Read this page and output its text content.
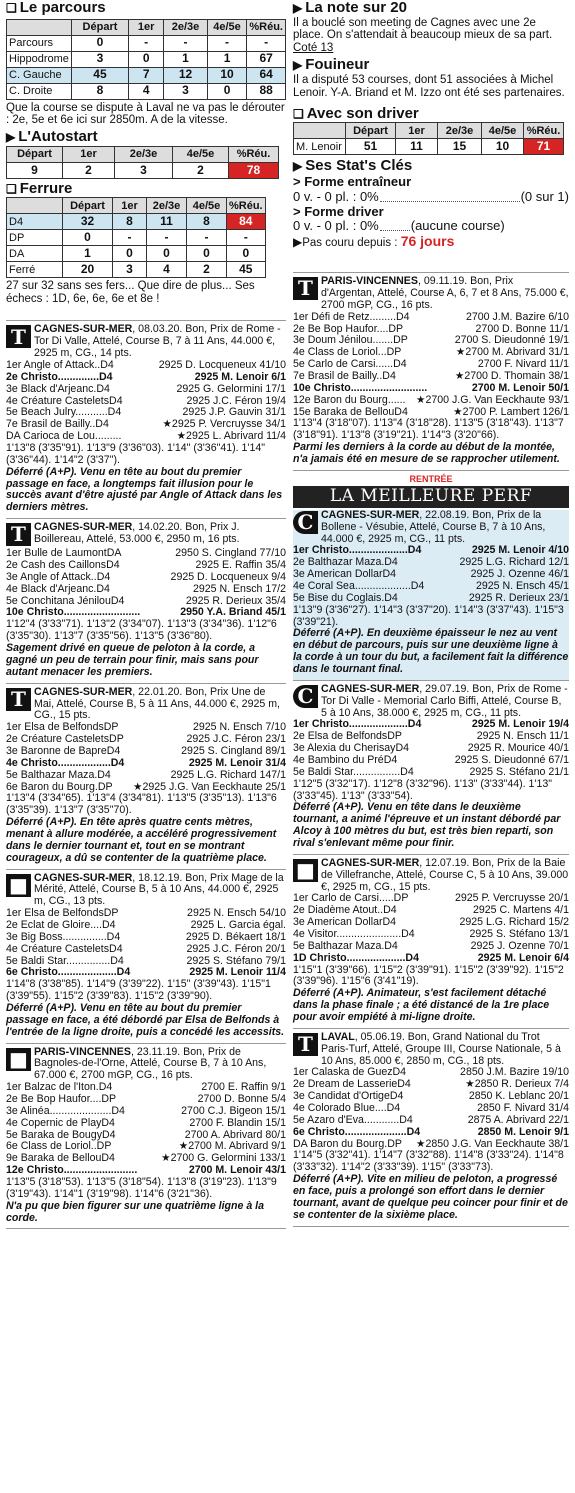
❑ Le parcours
	Départ	1er	2e/3e	4e/5e	%Réu.
Parcours	0	-	-	-	-
Hippodrome	3	0	1	1	67
C. Gauche	45	7	12	10	64
C. Droite	8	4	3	0	88
Que la course se dispute à Laval ne va pas le dérouter : 2e, 5e et 6e ici sur 2850m. A de la vitesse.
▶ L'Autostart
Départ	1er	2e/3e	4e/5e	%Réu.
9	2	3	2	78
❑ Ferrure
	Départ	1er	2e/3e	4e/5e	%Réu.
D4	32	8	11	8	84
DP	0	-	-	-	-
DA	1	0	0	0	0
Ferré	20	3	4	2	45
27 sur 32 sans ses fers... Que dire de plus... Ses échecs : 1D, 6e, 6e, 6e et 8e !
T CAGNES-SUR-MER, 08.03.20. Bon, Prix de Rome - Tor Di Valle, Attelé, Course B, 7 à 11 Ans, 44.000 €, 2925 m, CG., 14 pts.
1er Angle of Attack..D4	2925 D. Locqueneux 41/10
2e Christo..............D4	2925 M. Lenoir 6/1
3e Black d'Arjeanc.D4	2925 G. Gelormini 17/1
4e Créature CasteletsD4	2925 J.C. Féron 19/4
5e Beach Julry...........D4	2925 J.P. Gauvin 31/1
7e Brasil de Bailly..D4	★2925 P. Vercruysse 34/1
DA Carioca de Lou.........	★2925 L. Abrivard 11/4
1'13"8 (3'35"91). 1'13"9 (3'36"03). 1'14" (3'36"41). 1'14" (3'36"44). 1'14"2 (3'37").
Déferré (A+P). Venu en tête au bout du premier passage en face, a longtemps fait illusion pour le succès avant d'être ajusté par Angle of Attack dans les derniers mètres.
T CAGNES-SUR-MER, 14.02.20. Bon, Prix J. Boillereau, Attelé, 53.000 €, 2950 m, 16 pts.
1er Bulle de LaumontDA	2950 S. Cingland 77/10
2e Cash des CaillonsD4	2925 E. Raffin 35/4
3e Angle of Attack..D4	2925 D. Locqueneux 9/4
4e Black d'Arjeanc.D4	2925 N. Ensch 17/2
5e Conchitana JénilouD4	2925 R. Derieux 35/4
10e Christo..........................	2950 Y.A. Briand 45/1
1'12"4 (3'33"71). 1'13"2 (3'34"07). 1'13"3 (3'34"36). 1'12"6 (3'35"30). 1'13"7 (3'35"56). 1'13"5 (3'36"80).
Sagement drivé en queue de peloton à la corde, a gagné un peu de terrain pour finir, mais sans pour autant menacer les premiers.
T CAGNES-SUR-MER, 22.01.20. Bon, Prix Une de Mai, Attelé, Course B, 5 à 11 Ans, 44.000 €, 2925 m, CG., 15 pts.
1er Elsa de BelfondsDP	2925 N. Ensch 7/10
2e Créature CasteletsDP	2925 J.C. Féron 23/1
3e Baronne de BapreD4	2925 S. Cingland 89/1
4e Christo..................D4	2925 M. Lenoir 31/4
5e Balthazar Maza.D4	2925 L.G. Richard 147/1
6e Baron du Bourg.DP ★2925 J.G. Van Eeckhaute 25/1
1'13"4 (3'34"65). 1'13"4 (3'34"81). 1'13"5 (3'35"13). 1'13"6 (3'35"39). 1'13"7 (3'35"70).
Déferré (A+P). En tête après quatre cents mètres, menant à allure modérée, a accéléré progressivement dans le dernier tournant et, tout en se montrant courageux, a dû se contenter de la quatrième place.
■ CAGNES-SUR-MER, 18.12.19. Bon, Prix Mage de la Mérité, Attelé, Course B, 5 à 10 Ans, 44.000 €, 2925 m, CG., 13 pts.
1er Elsa de BelfondsDP	2925 N. Ensch 54/10
2e Eclat de Gloire....D4	2925 L. Garcia égal.
3e Big Boss...............D4	2925 D. Békaert 18/1
4e Créature CasteletsD4	2925 J.C. Féron 20/1
5e Baldi Star...............D4	2925 S. Stéfano 79/1
6e Christo....................D4	2925 M. Lenoir 11/4
1'14"8 (3'38"85). 1'14"9 (3'39"22). 1'15" (3'39"43). 1'15"1 (3'39"55). 1'15"2 (3'39"83). 1'15"2 (3'39"90).
Déferré (A+P). Venu en tête au bout du premier passage en face, a été débordé par Elsa de Belfonds à l'entrée de la ligne droite, puis a concédé les accessits.
■ PARIS-VINCENNES, 23.11.19. Bon, Prix de Bagnoles-de-l'Orne, Attelé, Course B, 7 à 10 Ans, 67.000 €, 2700 mGP, CG., 16 pts.
1er Balzac de l'Iton.D4	2700 E. Raffin 9/1
2e Be Bop Haufor....DP	2700 D. Bonne 5/4
3e Alinéa.....................D4	2700 C.J. Bigeon 15/1
4e Copernic de PlayD4	2700 F. Blandin 15/1
5e Baraka de BougyD4	2700 A. Abrivard 80/1
6e Class de Loriol..DP	★2700 M. Abrivard 9/1
9e Baraka de BellouD4	★2700 G. Gelormini 133/1
12e Christo.........................	2700 M. Lenoir 43/1
1'13"5 (3'18"53). 1'13"5 (3'18"54). 1'13"8 (3'19"23). 1'13"9 (3'19"43). 1'14"1 (3'19"98). 1'14"6 (3'21"36).
N'a pu que bien figurer sur une quatrième ligne à la corde.
▶ La note sur 20
Il a bouclé son meeting de Cagnes avec une 2e place. On s'attendait à beaucoup mieux de sa part. Coté 13
▶ Fouineur
Il a disputé 53 courses, dont 51 associées à Michel Lenoir. Y-A. Briand et M. Izzo ont été ses partenaires.
❑ Avec son driver
	Départ	1er	2e/3e	4e/5e	%Réu.
M. Lenoir	51	11	15	10	71
▶ Ses Stat's Clés
> Forme entraîneur
0 v. - 0 pl. : 0%	(0 sur 1)
> Forme driver
0 v. - 0 pl. : 0% (aucune course)
▶Pas couru depuis : 76 jours
T PARIS-VINCENNES, 09.11.19. Bon, Prix d'Argentan, Attelé, Course A, 6, 7 et 8 Ans, 75.000 €, 2700 mGP, CG., 16 pts.
1er Défi de Retz.........D4	2700 J.M. Bazire 6/10
2e Be Bop Haufor....DP	2700 D. Bonne 11/1
3e Doum Jénilou.......DP	2700 S. Dieudonné 19/1
4e Class de Loriol...DP	★2700 M. Abrivard 31/1
5e Carlo de Carsi......D4	2700 F. Nivard 11/1
7e Brasil de Bailly..D4	★2700 D. Thomain 38/1
10e Christo..........................	2700 M. Lenoir 50/1
12e Baron du Bourg...... ★2700 J.G. Van Eeckhaute 93/1
15e Baraka de BellouD4	★2700 P. Lambert 126/1
1'13"4 (3'18"07). 1'13"4 (3'18"28). 1'13"5 (3'18"43). 1'13"7 (3'18"91). 1'13"8 (3'19"21). 1'14"3 (3'20"66).
Parmi les derniers à la corde au début de la montée, n'a jamais été en mesure de se rapprocher utilement.
RENTRÉE
LA MEILLEURE PERF
C CAGNES-SUR-MER, 22.08.19. Bon, Prix de la Bollene - Vésubie, Attelé, Course B, 7 à 10 Ans, 44.000 €, 2925 m, CG., 11 pts.
1er Christo....................D4	2925 M. Lenoir 4/10
2e Balthazar Maza.D4	2925 L.G. Richard 12/1
3e American DollarD4	2925 J. Ozenne 46/1
4e Coral Sea...................D4	2925 N. Ensch 45/1
5e Bise du Coglais.D4	2925 R. Derieux 23/1
1'13"9 (3'36"27). 1'14"3 (3'37"20). 1'14"3 (3'37"43). 1'15"3 (3'39"21).
Déferré (A+P). En deuxième épaisseur le nez au vent en début de parcours, puis sur une deuxième ligne à la corde à un tour du but, a facilement fait la différence dans le tournant final.
C CAGNES-SUR-MER, 29.07.19. Bon, Prix de Rome - Tor Di Valle - Memorial Carlo Biffi, Attelé, Course B, 5 à 10 Ans, 38.000 €, 2925 m, CG., 11 pts.
1er Christo....................D4	2925 M. Lenoir 19/4
2e Elsa de BelfondsDP	2925 N. Ensch 11/1
3e Alexia du CherisayD4	2925 R. Mourice 40/1
4e Bambino du PréD4	2925 S. Dieudonné 67/1
5e Baldi Star................D4	2925 S. Stéfano 21/1
1'12"5 (3'32"17). 1'12"8 (3'32"96). 1'13" (3'33"44). 1'13" (3'33"45). 1'13" (3'33"54).
Déferré (A+P). Venu en tête dans le deuxième tournant, a animé l'épreuve et un instant débordé par Alcoy à 100 mètres du but, est très bien reparti, son rival s'enlevant même pour finir.
■ CAGNES-SUR-MER, 12.07.19. Bon, Prix de la Baie de Villefranche, Attelé, Course C, 5 à 10 Ans, 39.000 €, 2925 m, CG., 15 pts.
1er Carlo de Carsi.....DP	2925 P. Vercruysse 20/1
2e Diadème Atout..D4	2925 C. Martens 4/1
3e American DollarD4	2925 L.G. Richard 15/2
4e Visitor......................D4	2925 S. Stéfano 13/1
5e Balthazar Maza.D4	2925 J. Ozenne 70/1
1D Christo....................D4	2925 M. Lenoir 6/4
1'15"1 (3'39"66). 1'15"2 (3'39"91). 1'15"2 (3'39"92). 1'15"2 (3'39"96). 1'15"6 (3'41"19).
Déferré (A+P). Animateur, s'est facilement détaché dans la phase finale ; a été distancé de la 1re place pour avoir empiété à mi-ligne droite.
T LAVAL, 05.06.19. Bon, Grand National du Trot Paris-Turf, Attelé, Groupe III, Course Nationale, 5 à 10 Ans, 85.000 €, 2850 m, CG., 18 pts.
1er Calaska de GuezD4	2850 J.M. Bazire 19/10
2e Dream de LasserieD4	★2850 R. Derieux 7/4
3e Candidat d'OrtigeD4	2850 K. Leblanc 20/1
4e Colorado Blue....D4	2850 F. Nivard 31/4
5e Azaro d'Eva............D4	2875 A. Abrivard 22/1
6e Christo.....................D4	2850 M. Lenoir 9/1
DA Baron du Bourg.DP ★2850 J.G. Van Eeckhaute 38/1
1'14"5 (3'32"41). 1'14"7 (3'32"88). 1'14"8 (3'33"24). 1'14"8 (3'33"32). 1'14"2 (3'33"39). 1'15" (3'33"73).
Déferré (A+P). Vite en milieu de peloton, a progressé en face, puis a prolongé son effort dans le dernier tournant, avant de quelque peu coincer pour finir et de se contenter de la sixième place.
